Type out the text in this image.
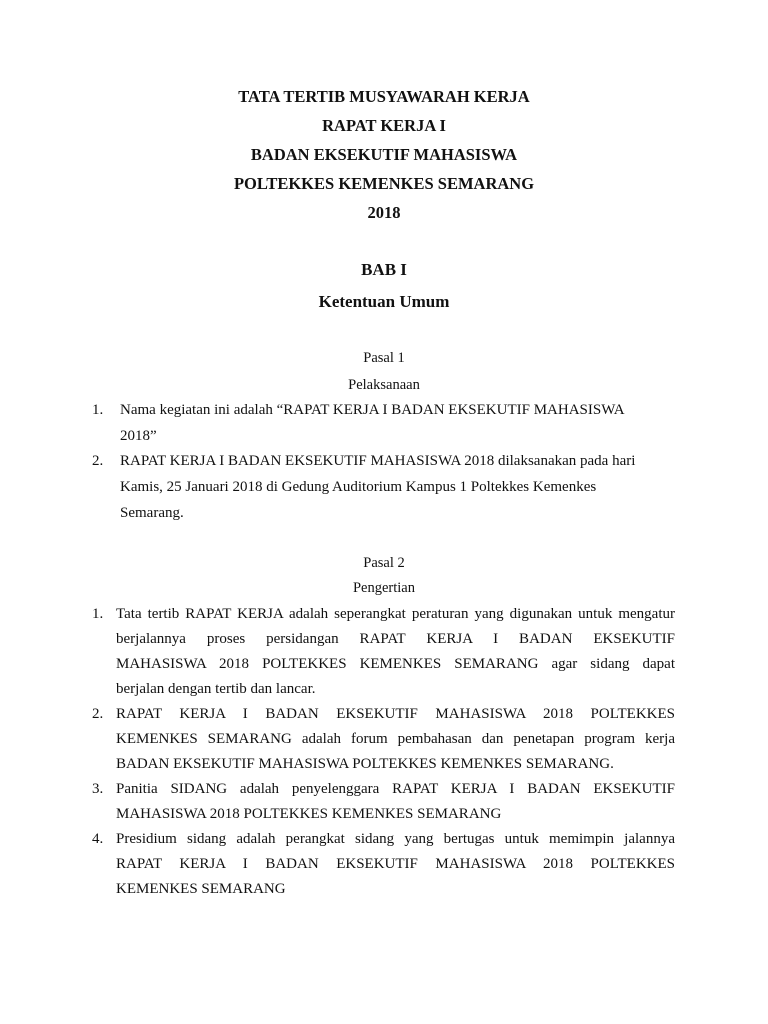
TATA TERTIB MUSYAWARAH KERJA
RAPAT KERJA I
BADAN EKSEKUTIF MAHASISWA
POLTEKKES KEMENKES SEMARANG
2018
BAB I
Ketentuan Umum
Pasal 1
Pelaksanaan
1. Nama kegiatan ini adalah “RAPAT KERJA I BADAN EKSEKUTIF MAHASISWA
2018”
2. RAPAT KERJA I BADAN EKSEKUTIF MAHASISWA 2018 dilaksanakan pada hari
Kamis, 25 Januari 2018 di Gedung Auditorium Kampus 1 Poltekkes Kemenkes
Semarang.
Pasal 2
Pengertian
1. Tata tertib RAPAT KERJA adalah seperangkat peraturan yang digunakan untuk mengatur
berjalannya proses persidangan RAPAT KERJA I BADAN EKSEKUTIF
MAHASISWA 2018 POLTEKKES KEMENKES SEMARANG agar sidang dapat
berjalan dengan tertib dan lancar.
2. RAPAT KERJA I BADAN EKSEKUTIF MAHASISWA 2018 POLTEKKES
KEMENKES SEMARANG adalah forum pembahasan dan penetapan program kerja
BADAN EKSEKUTIF MAHASISWA POLTEKKES KEMENKES SEMARANG.
3. Panitia SIDANG adalah penyelenggara RAPAT KERJA I BADAN EKSEKUTIF
MAHASISWA 2018 POLTEKKES KEMENKES SEMARANG
4. Presidium sidang adalah perangkat sidang yang bertugas untuk memimpin jalannya
RAPAT KERJA I BADAN EKSEKUTIF MAHASISWA 2018 POLTEKKES
KEMENKES SEMARANG
